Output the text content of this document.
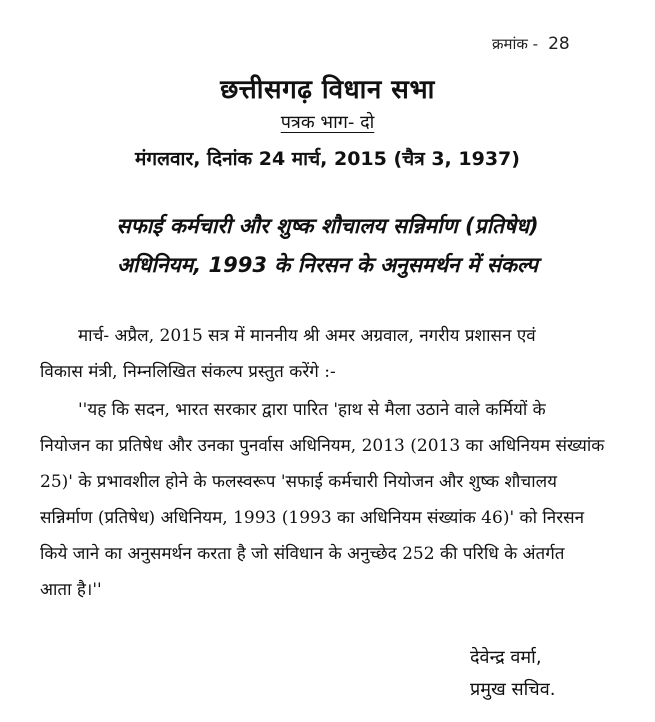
क्रमांक - 28
छत्तीसगढ़ विधान सभा
पत्रक भाग- दो
मंगलवार, दिनांक 24 मार्च, 2015 (चैत्र 3, 1937)
सफाई कर्मचारी और शुष्क शौचालय सन्निर्माण (प्रतिषेध)
अधिनियम, 1993 के निरसन के अनुसमर्थन में संकल्प
मार्च- अप्रैल, 2015 सत्र में माननीय श्री अमर अग्रवाल, नगरीय प्रशासन एवं
विकास मंत्री, निम्नलिखित संकल्प प्रस्तुत करेंगे :-
''यह कि सदन, भारत सरकार द्वारा पारित 'हाथ से मैला उठाने वाले कर्मियों के
नियोजन का प्रतिषेध और उनका पुनर्वास अधिनियम, 2013 (2013 का अधिनियम संख्यांक
25)' के प्रभावशील होने के फलस्वरूप 'सफाई कर्मचारी नियोजन और शुष्क शौचालय
सन्निर्माण (प्रतिषेध) अधिनियम, 1993 (1993 का अधिनियम संख्यांक 46)' को निरसन
किये जाने का अनुसमर्थन करता है जो संविधान के अनुच्छेद 252 की परिधि के अंतर्गत
आता है।''
देवेन्द्र वर्मा,
प्रमुख सचिव.
